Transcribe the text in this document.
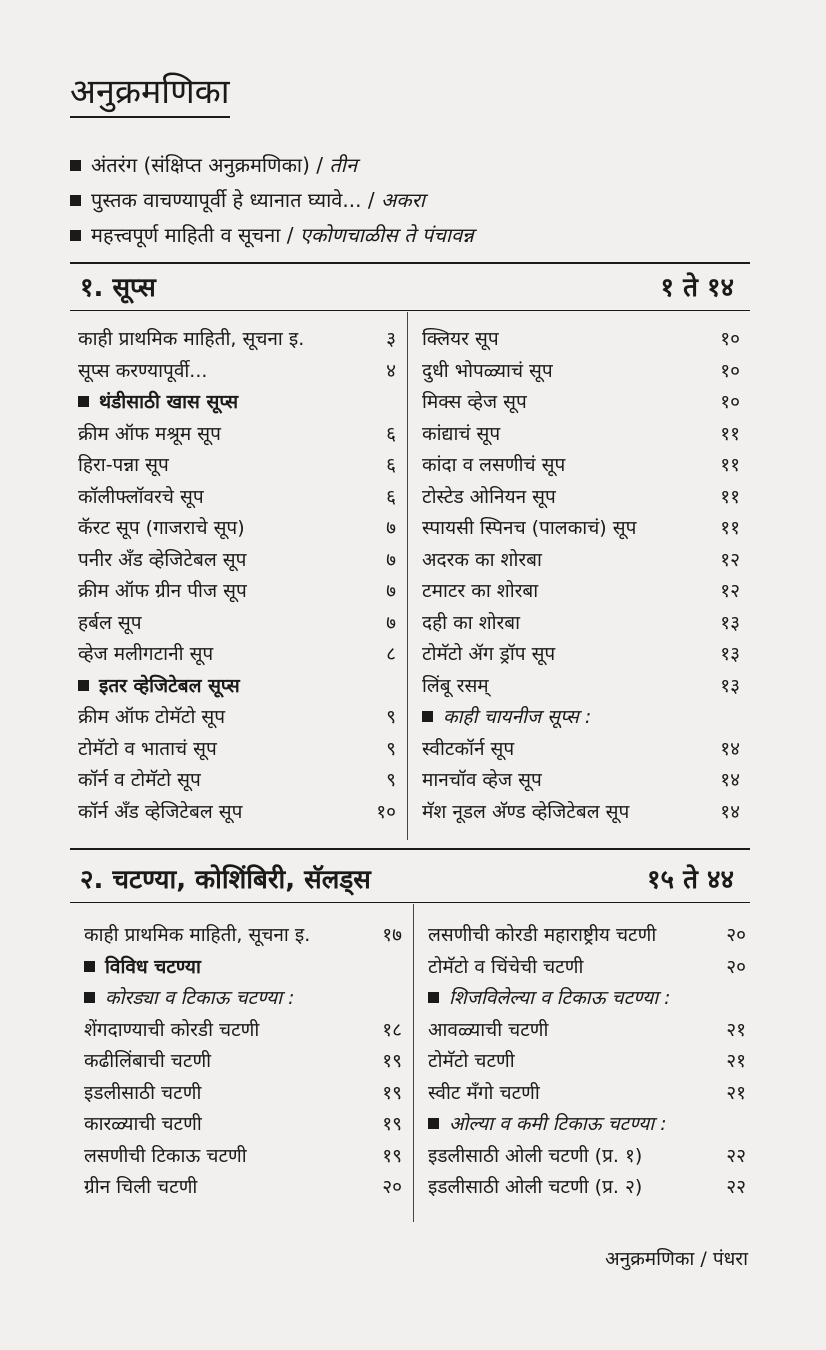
अनुक्रमणिका
अंतरंग (संक्षिप्त अनुक्रमणिका) / तीन
पुस्तक वाचण्यापूर्वी हे ध्यानात घ्यावे... / अकरा
महत्त्वपूर्ण माहिती व सूचना / एकोणचाळीस ते पंचावन्न
१. सूप्स	१ ते १४
काही प्राथमिक माहिती, सूचना इ.	३
सूप्स करण्यापूर्वी...	४
थंडीसाठी खास सूप्स
क्रीम ऑफ मश्रूम सूप	६
हिरा-पन्ना सूप	६
कॉलीफ्लॉवरचे सूप	६
कॅरट सूप (गाजराचे सूप)	७
पनीर अँड व्हेजिटेबल सूप	७
क्रीम ऑफ ग्रीन पीज सूप	७
हर्बल सूप	७
व्हेज मलीगटानी सूप	८
इतर व्हेजिटेबल सूप्स
क्रीम ऑफ टोमॅटो सूप	९
टोमॅटो व भाताचं सूप	९
कॉर्न व टोमॅटो सूप	९
कॉर्न अँड व्हेजिटेबल सूप	१०
क्लियर सूप	१०
दुधी भोपळ्याचं सूप	१०
मिक्स व्हेज सूप	१०
कांद्याचं सूप	११
कांदा व लसणीचं सूप	११
टोस्टेड ओनियन सूप	११
स्पायसी स्पिनच (पालकाचं) सूप	११
अदरक का शोरबा	१२
टमाटर का शोरबा	१२
दही का शोरबा	१३
टोमॅटो ॲग ड्रॉप सूप	१३
लिंबू रसम्	१३
काही चायनीज सूप्स :
स्वीटकॉर्न सूप	१४
मानचॉव व्हेज सूप	१४
मॅश नूडल अ‍ॅण्ड व्हेजिटेबल सूप	१४
२. चटण्या, कोशिंबिरी, सॅलड्स	१५ ते ४४
काही प्राथमिक माहिती, सूचना इ.	१७
विविध चटण्या
कोरड्या व टिकाऊ चटण्या :
शेंगदाण्याची कोरडी चटणी	१८
कढीलिंबाची चटणी	१९
इडलीसाठी चटणी	१९
कारळ्याची चटणी	१९
लसणीची टिकाऊ चटणी	१९
ग्रीन चिली चटणी	२०
लसणीची कोरडी महाराष्ट्रीय चटणी	२०
टोमॅटो व चिंचेची चटणी	२०
शिजविलेल्या व टिकाऊ चटण्या :
आवळ्याची चटणी	२१
टोमॅटो चटणी	२१
स्वीट मँगो चटणी	२१
ओल्या व कमी टिकाऊ चटण्या :
इडलीसाठी ओली चटणी (प्र. १)	२२
इडलीसाठी ओली चटणी (प्र. २)	२२
अनुक्रमणिका / पंधरा
